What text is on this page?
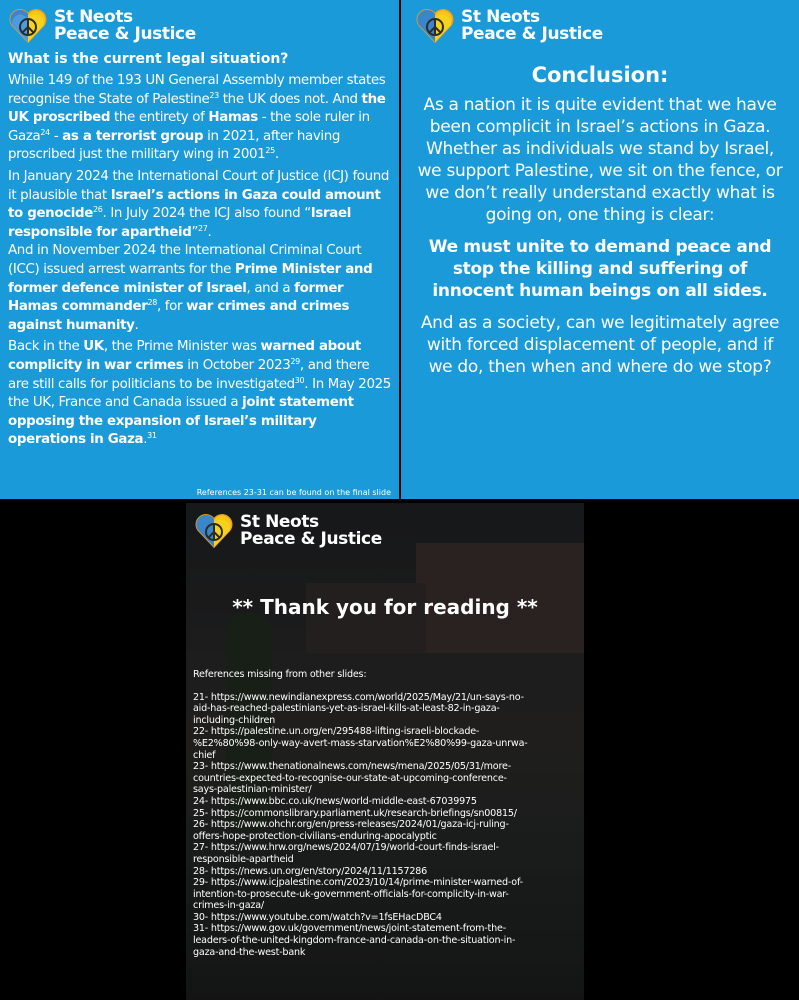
St Neots
Peace & Justice
What is the current legal situation?

While 149 of the 193 UN General Assembly member states recognise the State of Palestine$^{23}$ the UK does not. And the UK proscribed the entirety of Hamas - the sole ruler in Gaza$^{24}$ - as a terrorist group in 2021, after having proscribed just the military wing in 2001$^{25}$.

In January 2024 the International Court of Justice (ICJ) found it plausible that Israel’s actions in Gaza could amount to genocide$^{26}$. In July 2024 the ICJ also found “Israel responsible for apartheid”$^{27}$.
And in November 2024 the International Criminal Court (ICC) issued arrest warrants for the Prime Minister and former defence minister of Israel, and a former Hamas commander$^{28}$, for war crimes and crimes against humanity.

Back in the UK, the Prime Minister was warned about complicity in war crimes in October 2023$^{29}$, and there are still calls for politicians to be investigated$^{30}$. In May 2025 the UK, France and Canada issued a joint statement opposing the expansion of Israel’s military operations in Gaza.$^{31}$

References 23-31 can be found on the final slide
St Neots
Peace & Justice
Conclusion:

As a nation it is quite evident that we have been complicit in Israel’s actions in Gaza. Whether as individuals we stand by Israel, we support Palestine, we sit on the fence, or we don’t really understand exactly what is going on, one thing is clear:

We must unite to demand peace and stop the killing and suffering of innocent human beings on all sides.

And as a society, can we legitimately agree with forced displacement of people, and if we do, then when and where do we stop?

St Neots
Peace & Justice
** Thank you for reading **
References missing from other slides:
21- https://www.newindianexpress.com/world/2025/May/21/un-says-no-
aid-has-reached-palestinians-yet-as-israel-kills-at-least-82-in-gaza-
including-children
22- https://palestine.un.org/en/295488-lifting-israeli-blockade-
%E2%80%98-only-way-avert-mass-starvation%E2%80%99-gaza-unrwa-
chief
23- https://www.thenationalnews.com/news/mena/2025/05/31/more-
countries-expected-to-recognise-our-state-at-upcoming-conference-
says-palestinian-minister/
24- https://www.bbc.co.uk/news/world-middle-east-67039975
25- https://commonslibrary.parliament.uk/research-briefings/sn00815/
26- https://www.ohchr.org/en/press-releases/2024/01/gaza-icj-ruling-
offers-hope-protection-civilians-enduring-apocalyptic
27- https://www.hrw.org/news/2024/07/19/world-court-finds-israel-
responsible-apartheid
28- https://news.un.org/en/story/2024/11/1157286
29- https://www.icjpalestine.com/2023/10/14/prime-minister-warned-of-
intention-to-prosecute-uk-government-officials-for-complicity-in-war-
crimes-in-gaza/
30- https://www.youtube.com/watch?v=1fsEHacDBC4
31- https://www.gov.uk/government/news/joint-statement-from-the-
leaders-of-the-united-kingdom-france-and-canada-on-the-situation-in-
gaza-and-the-west-bank
